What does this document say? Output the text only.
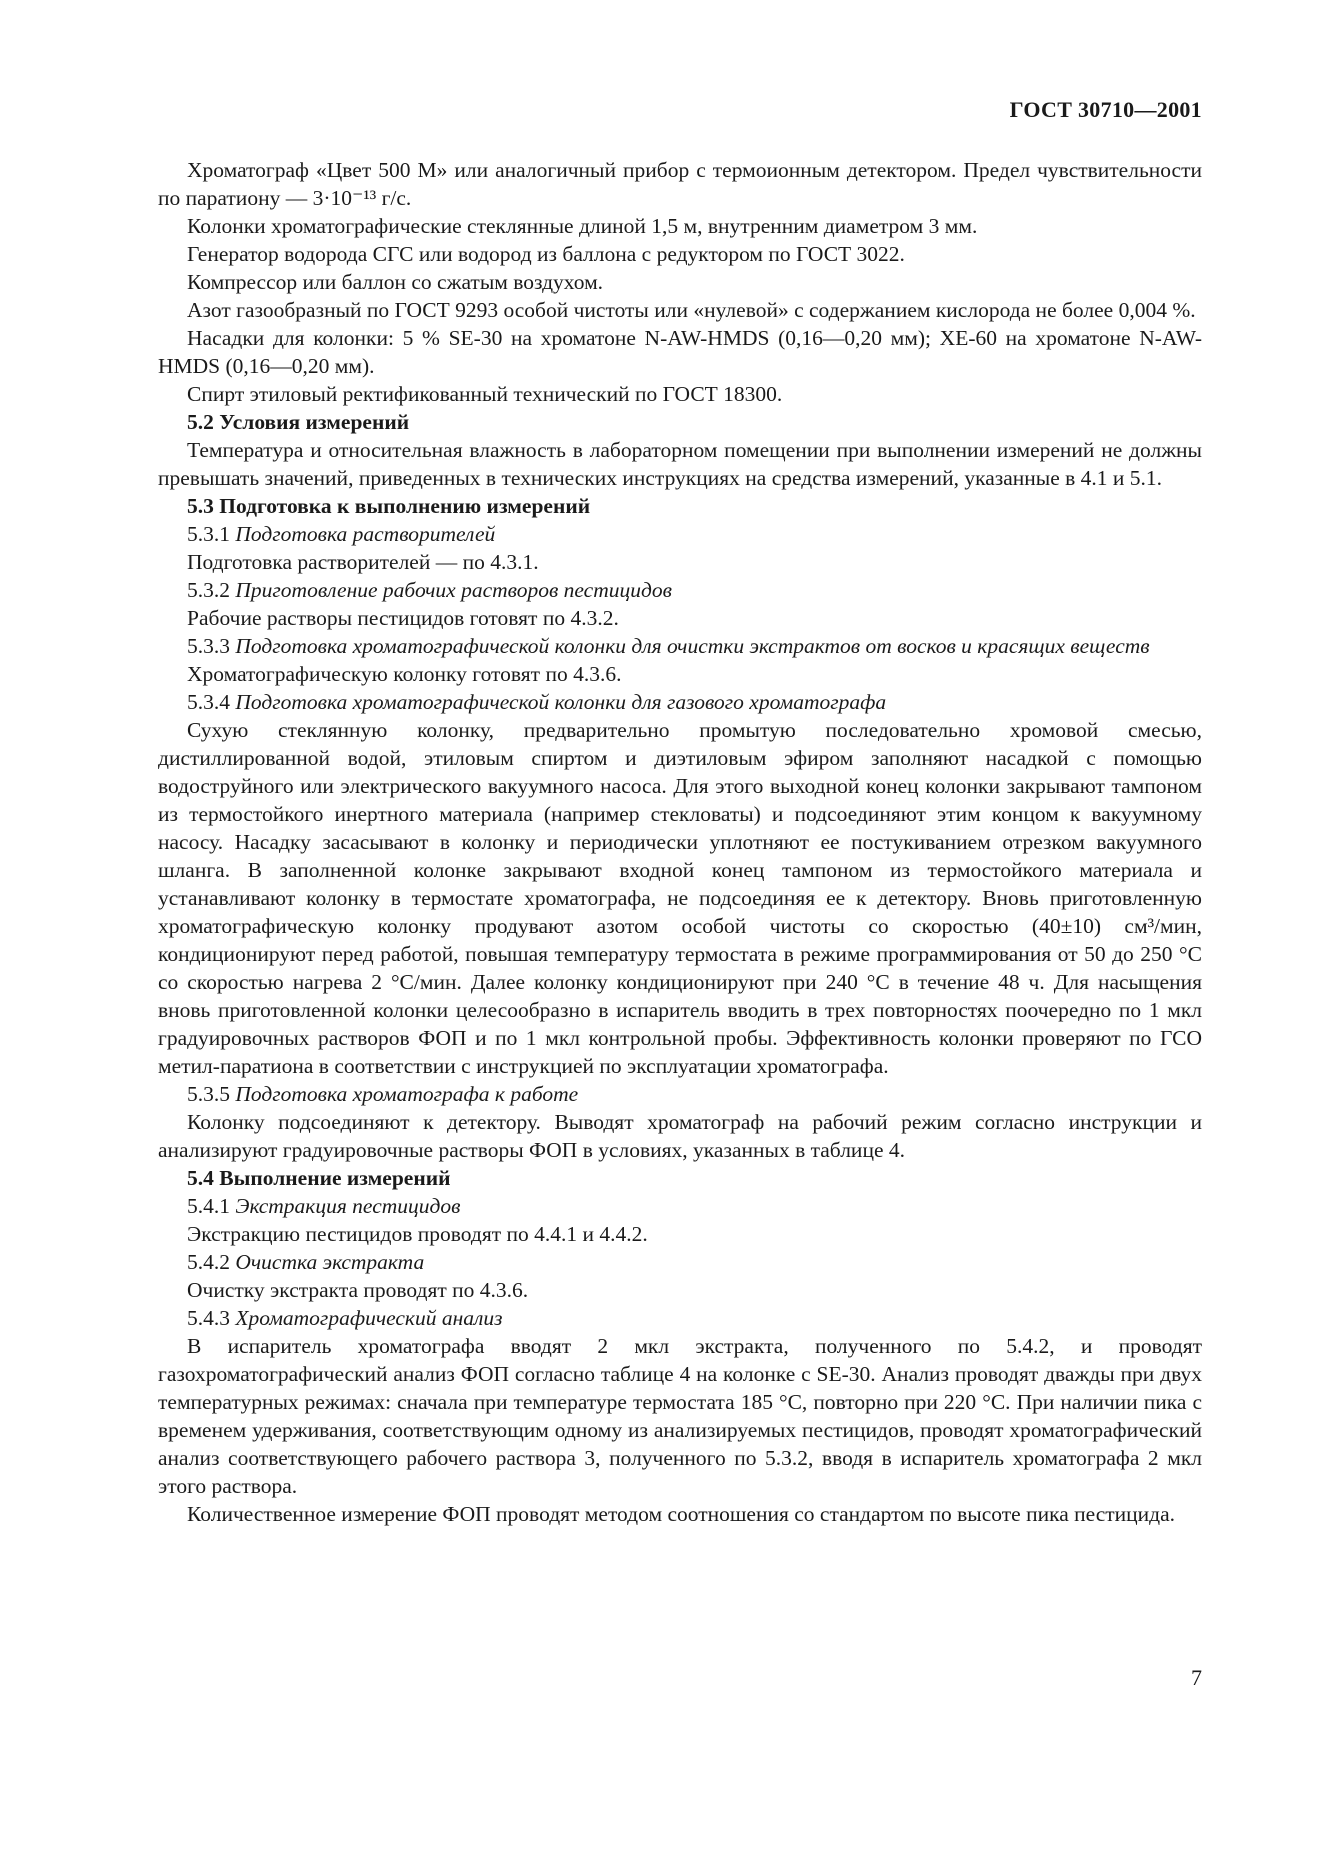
ГОСТ 30710—2001

Хроматограф «Цвет 500 М» или аналогичный прибор с термоионным детектором. Предел чувствительности по паратиону — 3·10⁻¹³ г/с.

Колонки хроматографические стеклянные длиной 1,5 м, внутренним диаметром 3 мм.

Генератор водорода СГС или водород из баллона с редуктором по ГОСТ 3022.

Компрессор или баллон со сжатым воздухом.

Азот газообразный по ГОСТ 9293 особой чистоты или «нулевой» с содержанием кислорода не более 0,004 %.

Насадки для колонки: 5 % SE-30 на хроматоне N-AW-HMDS (0,16—0,20 мм); ХЕ-60 на хроматоне N-AW-HMDS (0,16—0,20 мм).

Спирт этиловый ректификованный технический по ГОСТ 18300.

5.2 Условия измерений

Температура и относительная влажность в лабораторном помещении при выполнении измерений не должны превышать значений, приведенных в технических инструкциях на средства измерений, указанные в 4.1 и 5.1.

5.3 Подготовка к выполнению измерений

5.3.1 Подготовка растворителей

Подготовка растворителей — по 4.3.1.

5.3.2 Приготовление рабочих растворов пестицидов

Рабочие растворы пестицидов готовят по 4.3.2.

5.3.3 Подготовка хроматографической колонки для очистки экстрактов от восков и красящих веществ

Хроматографическую колонку готовят по 4.3.6.

5.3.4 Подготовка хроматографической колонки для газового хроматографа

Сухую стеклянную колонку, предварительно промытую последовательно хромовой смесью, дистиллированной водой, этиловым спиртом и диэтиловым эфиром заполняют насадкой с помощью водоструйного или электрического вакуумного насоса. Для этого выходной конец колонки закрывают тампоном из термостойкого инертного материала (например стекловаты) и подсоединяют этим концом к вакуумному насосу. Насадку засасывают в колонку и периодически уплотняют ее постукиванием отрезком вакуумного шланга. В заполненной колонке закрывают входной конец тампоном из термостойкого материала и устанавливают колонку в термостате хроматографа, не подсоединяя ее к детектору. Вновь приготовленную хроматографическую колонку продувают азотом особой чистоты со скоростью (40±10) см³/мин, кондиционируют перед работой, повышая температуру термостата в режиме программирования от 50 до 250 °С со скоростью нагрева 2 °С/мин. Далее колонку кондиционируют при 240 °С в течение 48 ч. Для насыщения вновь приготовленной колонки целесообразно в испаритель вводить в трех повторностях поочередно по 1 мкл градуировочных растворов ФОП и по 1 мкл контрольной пробы. Эффективность колонки проверяют по ГСО метил-паратиона в соответствии с инструкцией по эксплуатации хроматографа.

5.3.5 Подготовка хроматографа к работе

Колонку подсоединяют к детектору. Выводят хроматограф на рабочий режим согласно инструкции и анализируют градуировочные растворы ФОП в условиях, указанных в таблице 4.

5.4 Выполнение измерений

5.4.1 Экстракция пестицидов

Экстракцию пестицидов проводят по 4.4.1 и 4.4.2.

5.4.2 Очистка экстракта

Очистку экстракта проводят по 4.3.6.

5.4.3 Хроматографический анализ

В испаритель хроматографа вводят 2 мкл экстракта, полученного по 5.4.2, и проводят газохроматографический анализ ФОП согласно таблице 4 на колонке с SE-30. Анализ проводят дважды при двух температурных режимах: сначала при температуре термостата 185 °С, повторно при 220 °С. При наличии пика с временем удерживания, соответствующим одному из анализируемых пестицидов, проводят хроматографический анализ соответствующего рабочего раствора 3, полученного по 5.3.2, вводя в испаритель хроматографа 2 мкл этого раствора.

Количественное измерение ФОП проводят методом соотношения со стандартом по высоте пика пестицида.

7
